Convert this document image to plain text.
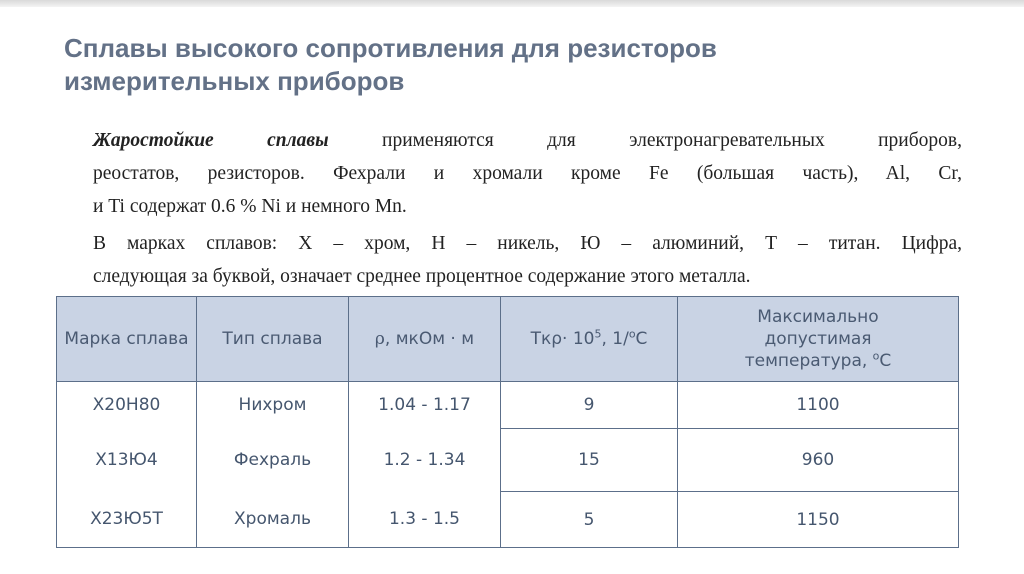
Сплавы высокого сопротивления для резисторов
измерительных приборов

Жаростойкие сплавы применяются для электронагревательных приборов,
реостатов, резисторов. Фехрали и хромали кроме Fe (большая часть), Al, Cr,
и Ti содержат 0.6 % Ni и немного Mn.

В марках сплавов: Х – хром, Н – никель, Ю – алюминий, Т – титан. Цифра,
следующая за буквой, означает среднее процентное содержание этого металла.

Марка сплава	Тип сплава	ρ, мкОм · м	$Тк\rho\cdot 10^5$, 1/$^о$С	Максимально
допустимая
температура, $^о$С
Х20Н80	Нихром	1.04 - 1.17	9	1100
Х13Ю4	Фехраль	1.2 - 1.34	15	960
Х23Ю5Т	Хромаль	1.3 - 1.5	5	1150
